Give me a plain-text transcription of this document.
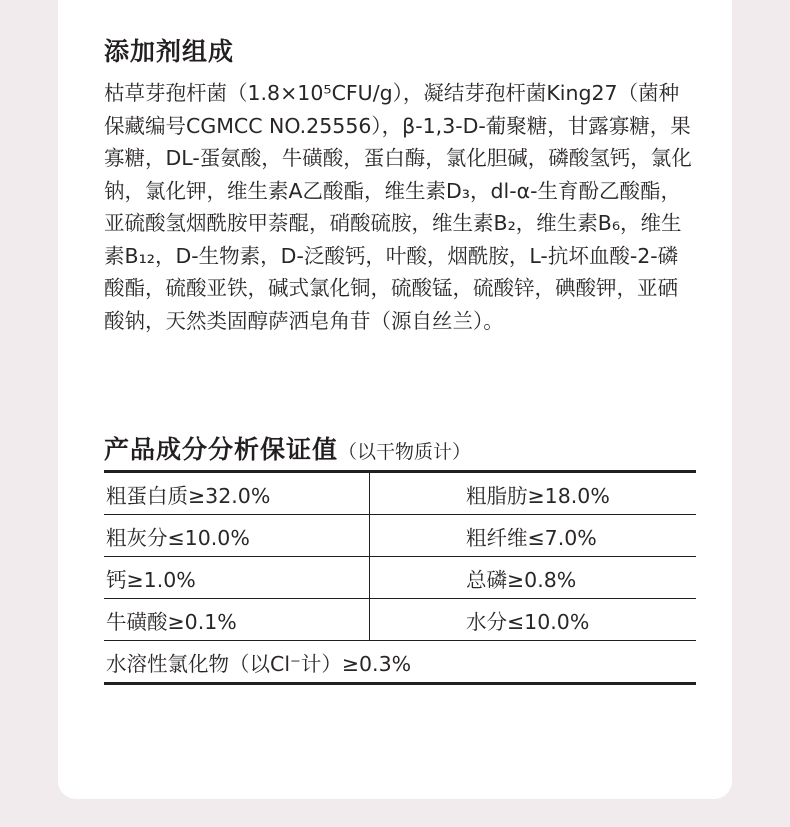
添加剂组成

枯草芽孢杆菌（1.8×10⁵CFU/g），凝结芽孢杆菌King27（菌种保藏编号CGMCC NO.25556），β-1,3-D-葡聚糖，甘露寡糖，果寡糖，DL-蛋氨酸，牛磺酸，蛋白酶，氯化胆碱，磷酸氢钙，氯化钠，氯化钾，维生素A乙酸酯，维生素D₃，dl-α-生育酚乙酸酯，亚硫酸氢烟酰胺甲萘醌，硝酸硫胺，维生素B₂，维生素B₆，维生素B₁₂，D-生物素，D-泛酸钙，叶酸，烟酰胺，L-抗坏血酸-2-磷酸酯，硫酸亚铁，碱式氯化铜，硫酸锰，硫酸锌，碘酸钾，亚硒酸钠，天然类固醇萨洒皂角苷（源自丝兰）。

产品成分分析保证值（以干物质计）
粗蛋白质≥32.0%	粗脂肪≥18.0%
粗灰分≤10.0%	粗纤维≤7.0%
钙≥1.0%	总磷≥0.8%
牛磺酸≥0.1%	水分≤10.0%
水溶性氯化物（以Cl⁻计）≥0.3%	
